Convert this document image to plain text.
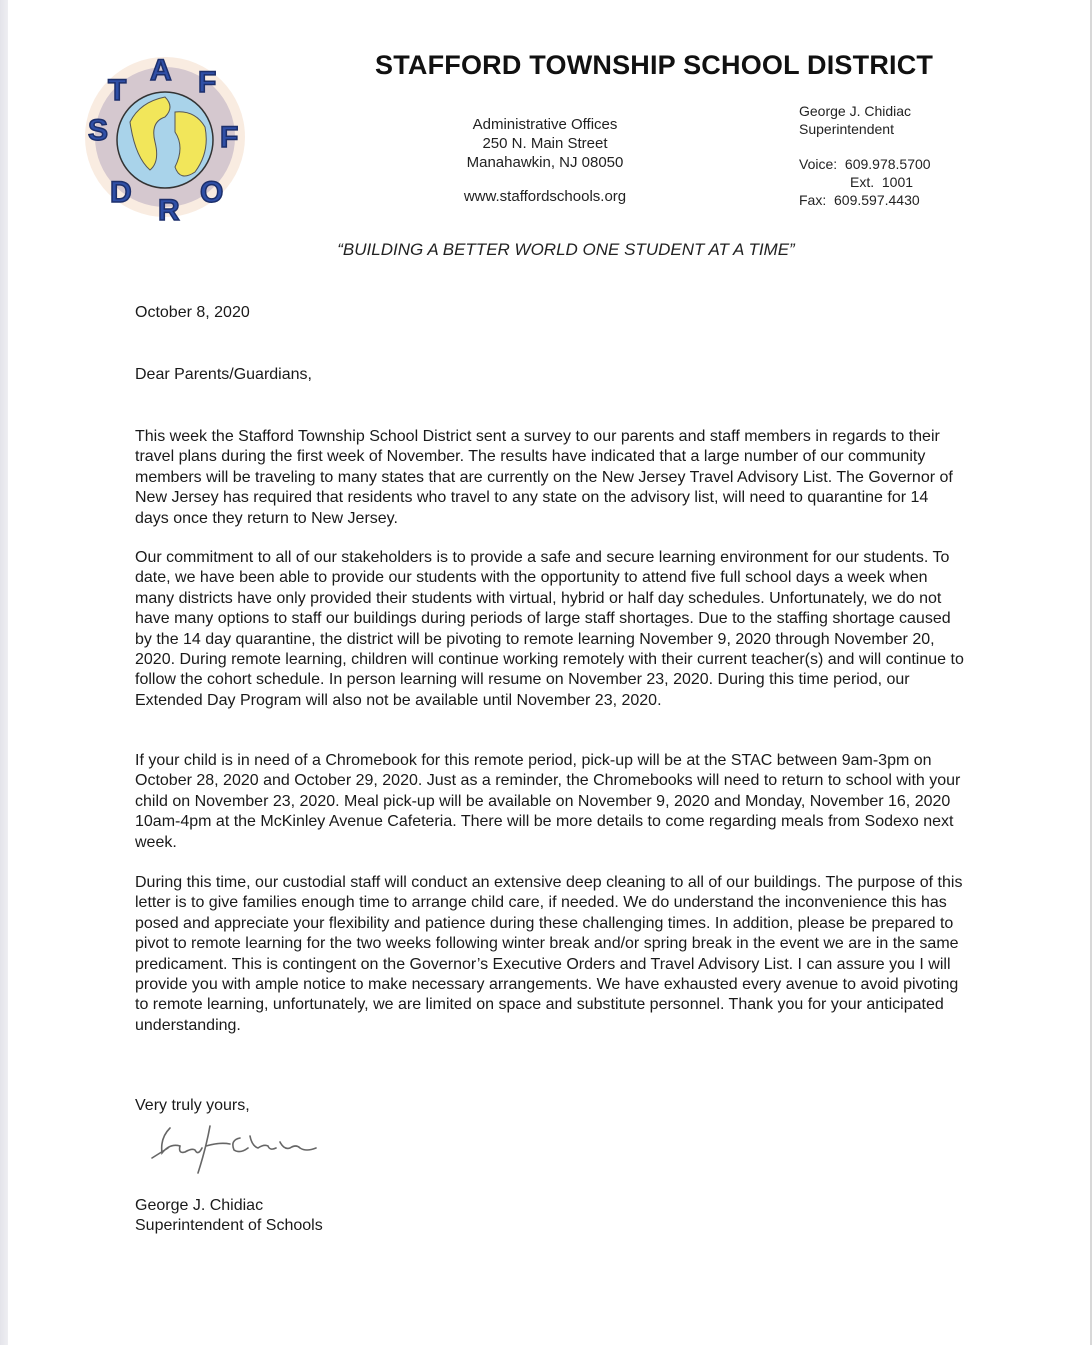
S
T
A F
F
O
R
D
STAFFORD TOWNSHIP SCHOOL DISTRICT
Administrative Offices
250 N. Main Street
Manahawkin, NJ 08050
www.staffordschools.org
George J. Chidiac
Superintendent
Voice:  609.978.5700
Ext.  1001
Fax:  609.597.4430
“BUILDING A BETTER WORLD ONE STUDENT AT A TIME”
October 8, 2020
Dear Parents/Guardians,

This week the Stafford Township School District sent a survey to our parents and staff members in regards to their travel plans during the first week of November. The results have indicated that a large number of our community members will be traveling to many states that are currently on the New Jersey Travel Advisory List. The Governor of New Jersey has required that residents who travel to any state on the advisory list, will need to quarantine for 14 days once they return to New Jersey.

Our commitment to all of our stakeholders is to provide a safe and secure learning environment for our students. To date, we have been able to provide our students with the opportunity to attend five full school days a week when many districts have only provided their students with virtual, hybrid or half day schedules. Unfortunately, we do not have many options to staff our buildings during periods of large staff shortages. Due to the staffing shortage caused by the 14 day quarantine, the district will be pivoting to remote learning November 9, 2020 through November 20, 2020. During remote learning, children will continue working remotely with their current teacher(s) and will continue to follow the cohort schedule. In person learning will resume on November 23, 2020. During this time period, our Extended Day Program will also not be available until November 23, 2020.

If your child is in need of a Chromebook for this remote period, pick-up will be at the STAC between 9am-3pm on October 28, 2020 and October 29, 2020. Just as a reminder, the Chromebooks will need to return to school with your child on November 23, 2020. Meal pick-up will be available on November 9, 2020 and Monday, November 16, 2020 10am-4pm at the McKinley Avenue Cafeteria. There will be more details to come regarding meals from Sodexo next week.

During this time, our custodial staff will conduct an extensive deep cleaning to all of our buildings. The purpose of this letter is to give families enough time to arrange child care, if needed. We do understand the inconvenience this has posed and appreciate your flexibility and patience during these challenging times. In addition, please be prepared to pivot to remote learning for the two weeks following winter break and/or spring break in the event we are in the same predicament. This is contingent on the Governor’s Executive Orders and Travel Advisory List. I can assure you I will provide you with ample notice to make necessary arrangements. We have exhausted every avenue to avoid pivoting to remote learning, unfortunately, we are limited on space and substitute personnel. Thank you for your anticipated understanding.

Very truly yours,
George J. Chidiac
Superintendent of Schools
